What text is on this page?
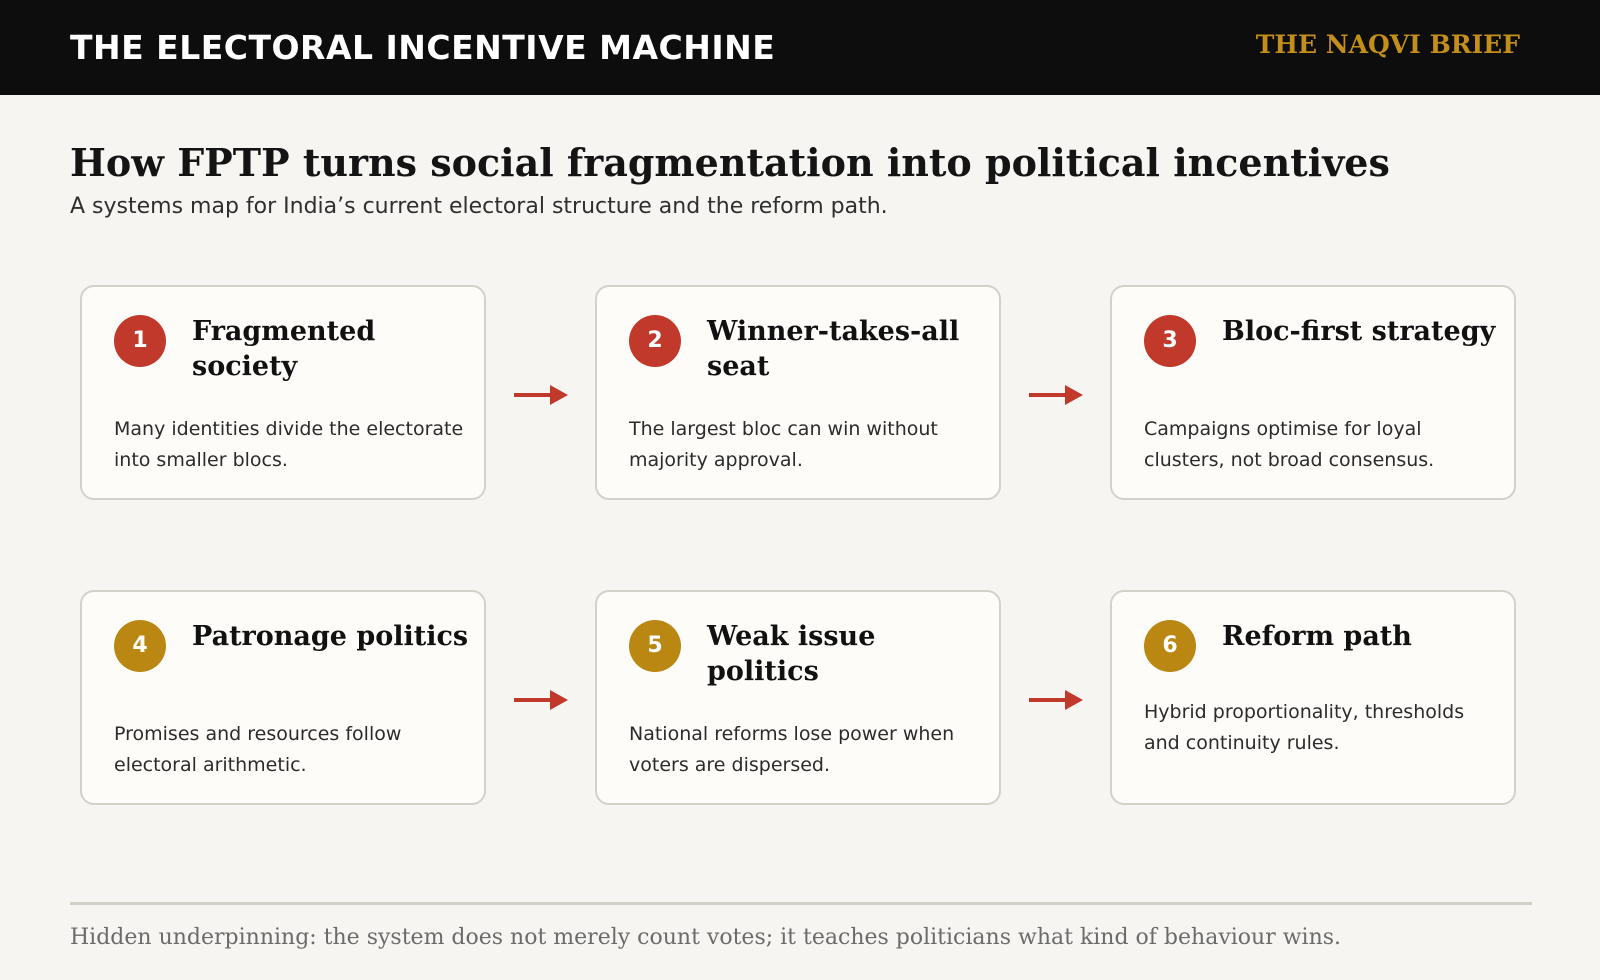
THE ELECTORAL INCENTIVE MACHINE	THE NAQVI BRIEF
How FPTP turns social fragmentation into political incentives
A systems map for India’s current electoral structure and the reform path.
1	Fragmented society
Many identities divide the electorate into smaller blocs.
2	Winner-takes-all seat
The largest bloc can win without majority approval.
3	Bloc-first strategy
Campaigns optimise for loyal clusters, not broad consensus.
4	Patronage politics
Promises and resources follow electoral arithmetic.
5	Weak issue politics
National reforms lose power when voters are dispersed.
6	Reform path
Hybrid proportionality, thresholds and continuity rules.
Hidden underpinning: the system does not merely count votes; it teaches politicians what kind of behaviour wins.
